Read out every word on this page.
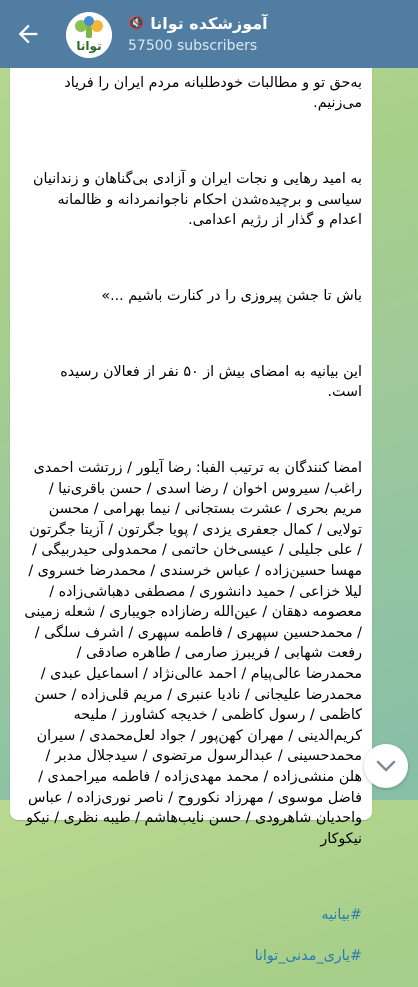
توانا
آموزشکده توانا
🔇
57500 subscribers

به‌حق تو و مطالبات خودطلبانه مردم ایران را فریاد می‌زنیم.

به امید رهایی و نجات ایران و آزادی بی‌گناهان و زندانیان سیاسی و برچیده‌شدن احکام ناجوانمردانه و ظالمانه اعدام و گذار از رژیم اعدامی.

باش تا جشن پیروزی را در کنارت باشیم ...»

این بیانیه به امضای بیش از ۵۰ نفر از فعالان رسیده است.

امضا کنندگان به ترتیب الفبا: رضا آیلور / زرتشت احمدی راغب/ سیروس اخوان / رضا اسدی / حسن باقری‌نیا / مریم بحری / عشرت بستجانی / نیما بهرامی / محسن تولایی / کمال جعفری یزدی / پویا جگرتون / آزیتا جگرتون / علی جلیلی / عیسی‌خان حاتمی / محمدولی حیدربیگی / مهسا حسین‌زاده / عباس خرسندی / محمدرضا خسروی / لیلا خزاعی / حمید دانشوری / مصطفی دهباشی‌زاده / معصومه دهقان / عین‌الله رضازاده جویباری / شعله زمینی / محمدحسین سپهری / فاطمه سپهری / اشرف سلگی / رفعت شهابی / فریبرز صارمی / طاهره صادقی / محمدرضا عالی‌پیام / احمد عالی‌نژاد / اسماعیل عبدی / محمدرضا علیجانی / نادیا عنبری / مریم قلی‌زاده / حسن کاظمی / رسول کاظمی / خدیجه کشاورز / ملیحه کریم‌الدینی / مهران کهن‌پور / جواد لعل‌محمدی / سیران محمدحسینی / عبدالرسول مرتضوی / سیدجلال مدبر / هلن منشی‌زاده / محمد مهدی‌زاده / فاطمه میراحمدی / فاضل موسوی / مهرزاد نکوروح / ناصر نوری‌زاده / عباس واحدیان شاهرودی / حسن نایب‌هاشم / طیبه نظری / نیکو نیکوکار

#بیانیه

#یاری_مدنی_توانا
